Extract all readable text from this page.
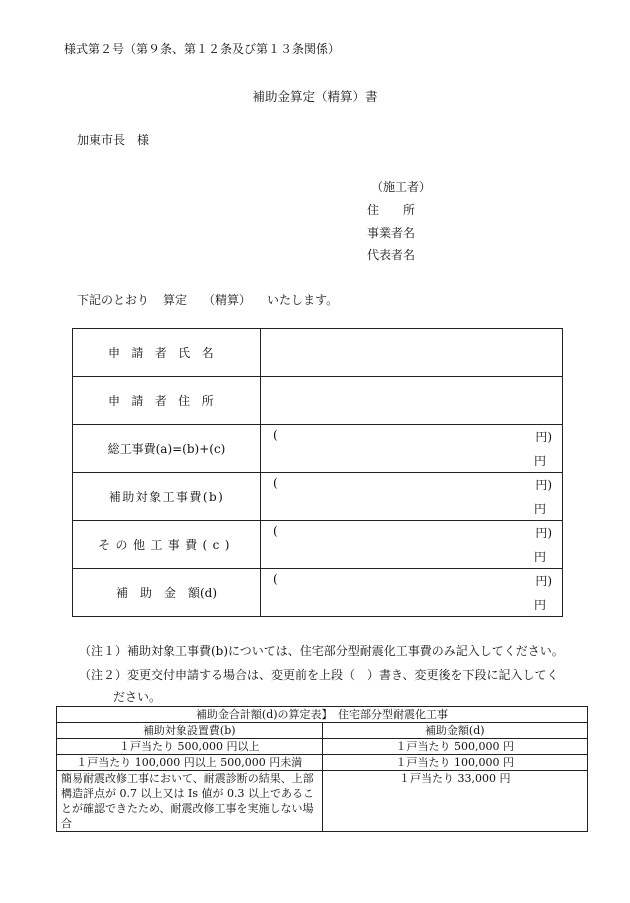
様式第２号（第９条、第１２条及び第１３条関係）
補助金算定（精算）書
加東市長　様
（施工者）
住　　所
事業者名
代表者名
下記のとおり 算定 （精算） いたします。
申請者氏名	
申請者住所	
総工事費(a)=(b)+(c)	( 円)
円

補助対象工事費(b)	( 円)
円

その他工事費(c)	( 円)
円

補　助　金　額(d)	( 円)
円
（注１）補助対象工事費(b)については、住宅部分型耐震化工事費のみ記入してください。
（注２）変更交付申請する場合は、変更前を上段（　）書き、変更後を下段に記入してく
ださい。
補助金合計額(d)の算定表】　住宅部分型耐震化工事	
補助対象設置費(b)	補助金額(d)
１戸当たり 500,000 円以上	１戸当たり 500,000 円
１戸当たり 100,000 円以上 500,000 円未満	１戸当たり 100,000 円
簡易耐震改修工事において、耐震診断の結果、上部構造評点が 0.7 以上又は Is 値が 0.3 以上であることが確認できたため、耐震改修工事を実施しない場合	１戸当たり 33,000 円
